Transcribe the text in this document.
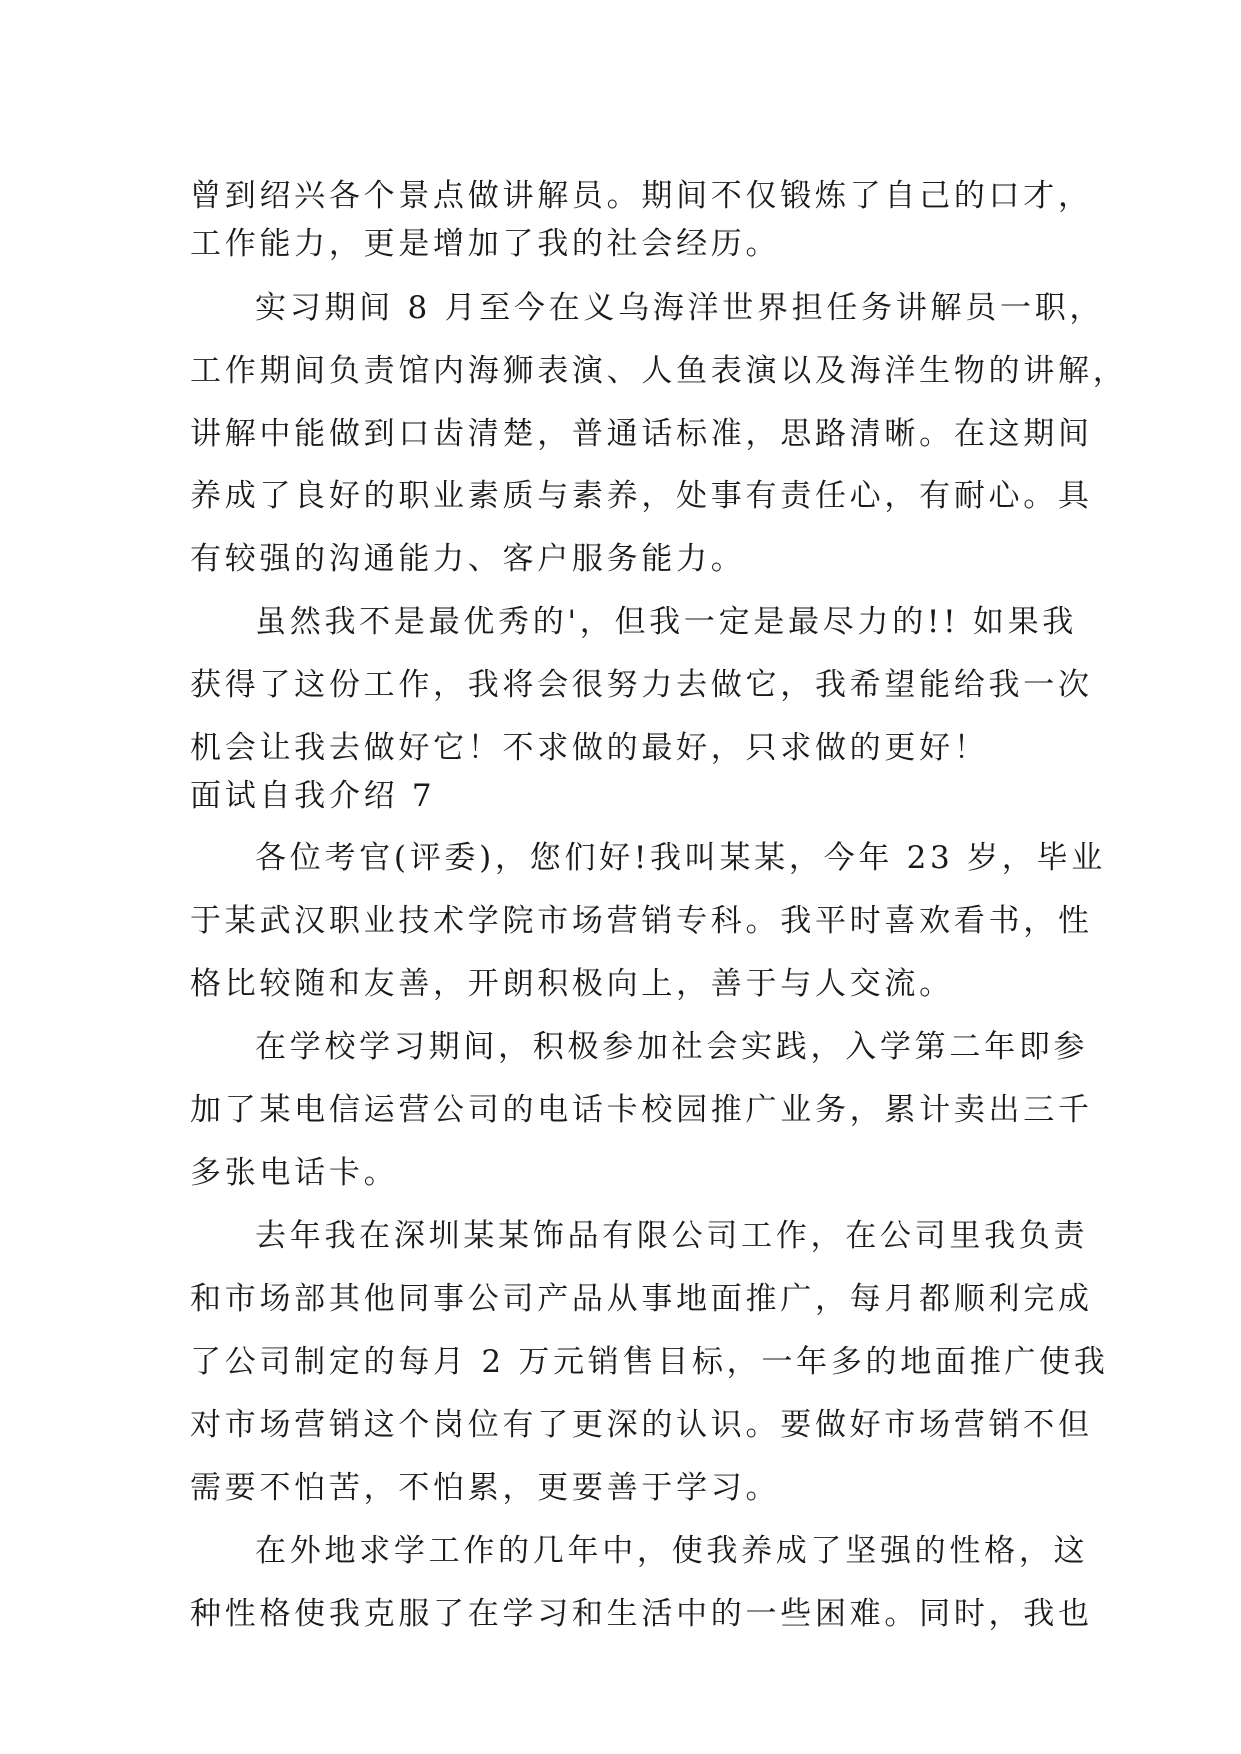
曾到绍兴各个景点做讲解员。期间不仅锻炼了自己的口才，
工作能力，更是增加了我的社会经历。
实习期间 8 月至今在义乌海洋世界担任务讲解员一职，
工作期间负责馆内海狮表演、人鱼表演以及海洋生物的讲解，
讲解中能做到口齿清楚，普通话标准，思路清晰。在这期间
养成了良好的职业素质与素养，处事有责任心，有耐心。具
有较强的沟通能力、客户服务能力。
虽然我不是最优秀的'，但我一定是最尽力的!! 如果我
获得了这份工作，我将会很努力去做它，我希望能给我一次
机会让我去做好它！不求做的最好，只求做的更好！
面试自我介绍 7
各位考官(评委)，您们好!我叫某某，今年 23 岁，毕业
于某武汉职业技术学院市场营销专科。我平时喜欢看书，性
格比较随和友善，开朗积极向上，善于与人交流。
在学校学习期间，积极参加社会实践，入学第二年即参
加了某电信运营公司的电话卡校园推广业务，累计卖出三千
多张电话卡。
去年我在深圳某某饰品有限公司工作，在公司里我负责
和市场部其他同事公司产品从事地面推广，每月都顺利完成
了公司制定的每月 2 万元销售目标，一年多的地面推广使我
对市场营销这个岗位有了更深的认识。要做好市场营销不但
需要不怕苦，不怕累，更要善于学习。
在外地求学工作的几年中，使我养成了坚强的性格，这
种性格使我克服了在学习和生活中的一些困难。同时，我也
